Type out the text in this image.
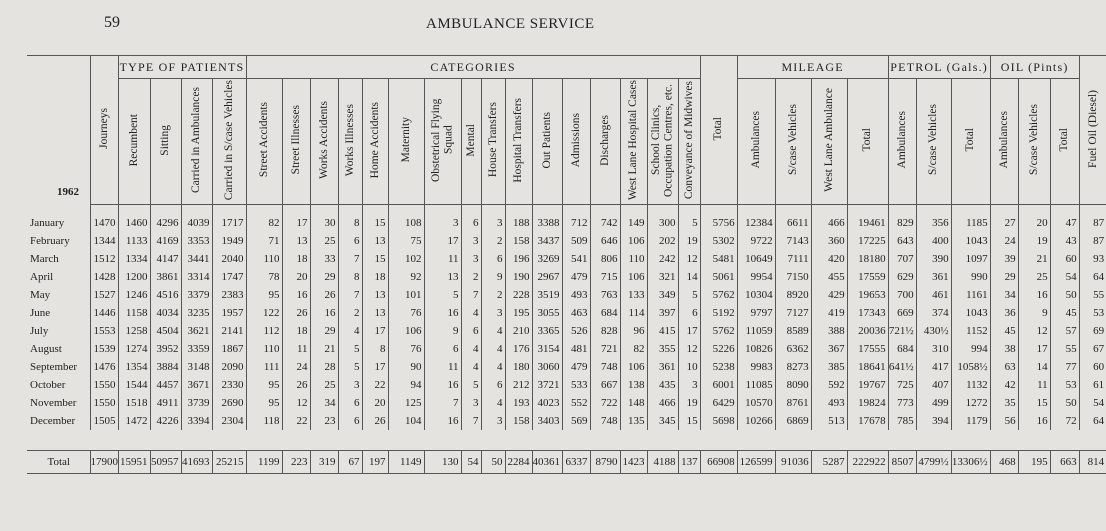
59	AMBULANCE SERVICE
1962	Journeys	TYPE OF PATIENTS				CATEGORIES																Total	MILEAGE				PETROL (Gals.)			OIL (Pints)			Fuel Oil (Diesel)
		Recumbent	Sitting	Carried in Ambulances	Carried in S/case Vehicles	Street Accidents	Street Illnesses	Works Accidents	Works Illnesses	Home Accidents	Maternity	Obstetrical Flying Squad	Mental	House Transfers	Hospital Transfers	Out Patients	Admissions	Discharges	West Lane Hospital Cases	School Clinics, Occupation Centres, etc.	Conveyance of Midwives		Ambulances	S/case Vehicles	West Lane Ambulance	Total	Ambulances	S/case Vehicles	Total	Ambulances	S/case Vehicles	Total	
January	1470	1460	4296	4039	1717	82	17	30	8	15	108	3	6	3	188	3388	712	742	149	300	5	5756	12384	6611	466	19461	829	356	1185	27	20	47	87
February	1344	1133	4169	3353	1949	71	13	25	6	13	75	17	3	2	158	3437	509	646	106	202	19	5302	9722	7143	360	17225	643	400	1043	24	19	43	87
March	1512	1334	4147	3441	2040	110	18	33	7	15	102	11	3	6	196	3269	541	806	110	242	12	5481	10649	7111	420	18180	707	390	1097	39	21	60	93
April	1428	1200	3861	3314	1747	78	20	29	8	18	92	13	2	9	190	2967	479	715	106	321	14	5061	9954	7150	455	17559	629	361	990	29	25	54	64
May	1527	1246	4516	3379	2383	95	16	26	7	13	101	5	7	2	228	3519	493	763	133	349	5	5762	10304	8920	429	19653	700	461	1161	34	16	50	55
June	1446	1158	4034	3235	1957	122	26	16	2	13	76	16	4	3	195	3055	463	684	114	397	6	5192	9797	7127	419	17343	669	374	1043	36	9	45	53
July	1553	1258	4504	3621	2141	112	18	29	4	17	106	9	6	4	210	3365	526	828	96	415	17	5762	11059	8589	388	20036	721½	430½	1152	45	12	57	69
August	1539	1274	3952	3359	1867	110	11	21	5	8	76	6	4	4	176	3154	481	721	82	355	12	5226	10826	6362	367	17555	684	310	994	38	17	55	67
September	1476	1354	3884	3148	2090	111	24	28	5	17	90	11	4	4	180	3060	479	748	106	361	10	5238	9983	8273	385	18641	641½	417	1058½	63	14	77	60
October	1550	1544	4457	3671	2330	95	26	25	3	22	94	16	5	6	212	3721	533	667	138	435	3	6001	11085	8090	592	19767	725	407	1132	42	11	53	61
November	1550	1518	4911	3739	2690	95	12	34	6	20	125	7	3	4	193	4023	552	722	148	466	19	6429	10570	8761	493	19824	773	499	1272	35	15	50	54
December	1505	1472	4226	3394	2304	118	22	23	6	26	104	16	7	3	158	3403	569	748	135	345	15	5698	10266	6869	513	17678	785	394	1179	56	16	72	64

Total	17900	15951	50957	41693	25215	1199	223	319	67	197	1149	130	54	50	2284	40361	6337	8790	1423	4188	137	66908	126599	91036	5287	222922	8507	4799½	13306½	468	195	663	814
